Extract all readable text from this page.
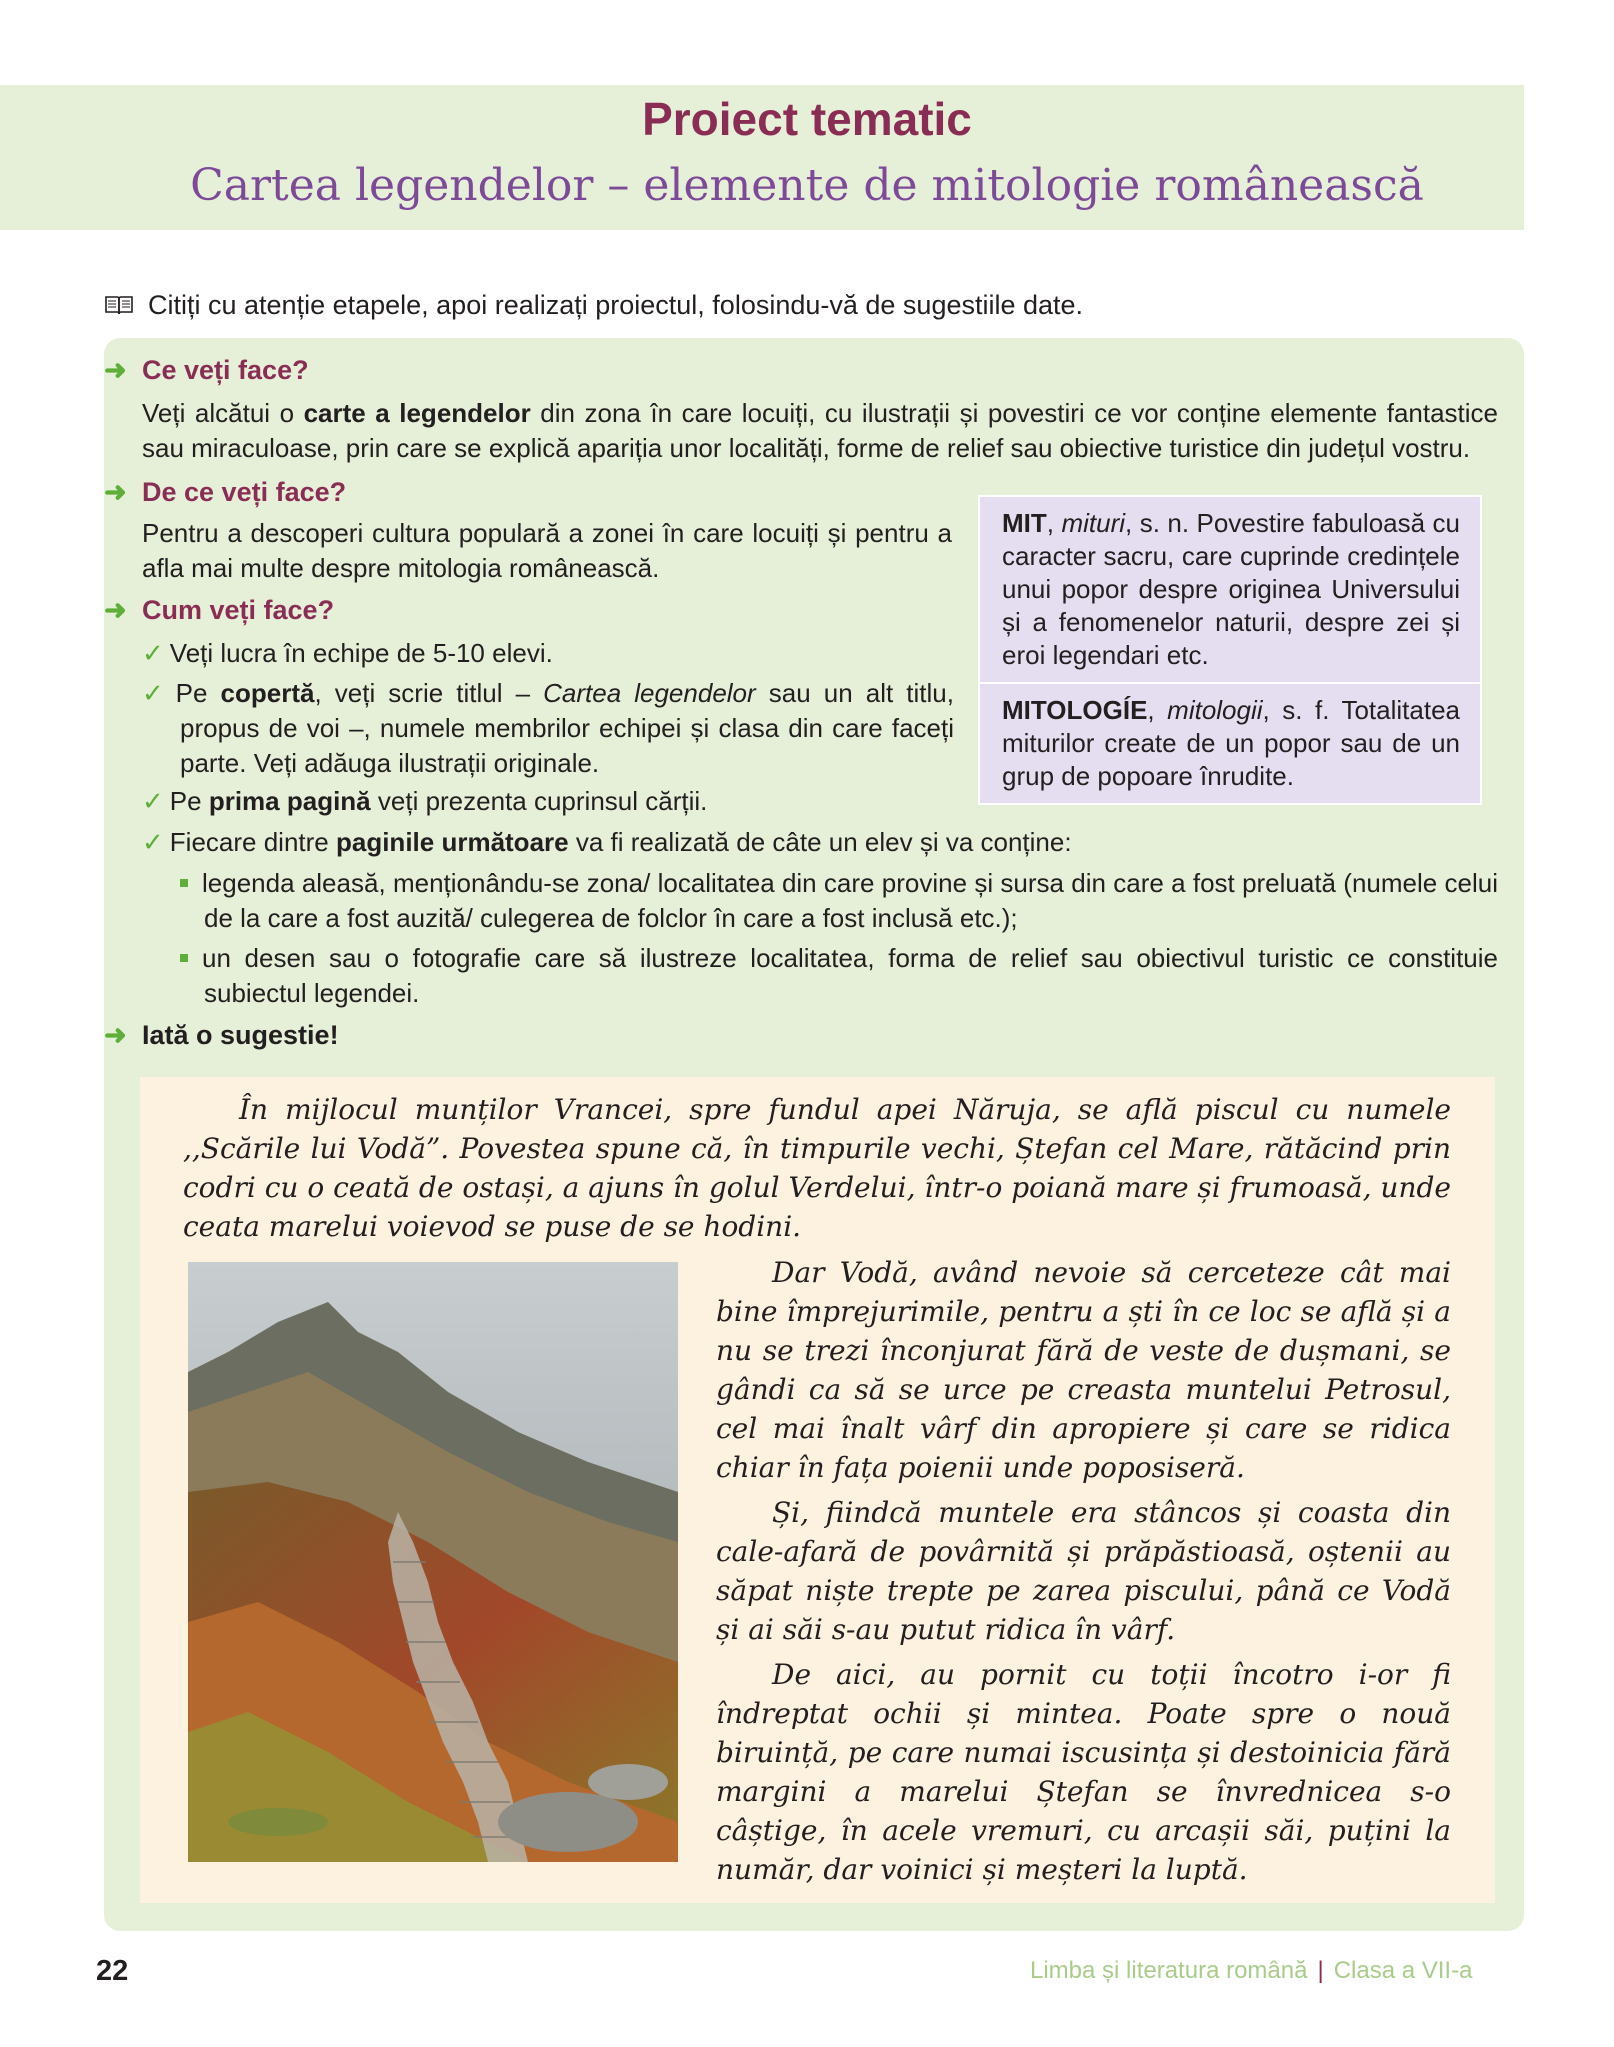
Proiect tematic
Cartea legendelor – elemente de mitologie românească
Citiți cu atenție etapele, apoi realizați proiectul, folosindu-vă de sugestiile date.
➜ Ce veți face?
Veți alcătui o carte a legendelor din zona în care locuiți, cu ilustrații și povestiri ce vor conține elemente fantastice sau miraculoase, prin care se explică apariția unor localități, forme de relief sau obiective turistice din județul vostru.
➜ De ce veți face?
Pentru a descoperi cultura populară a zonei în care locuiți și pentru a afla mai multe despre mitologia românească.
➜ Cum veți face?
✓ Veți lucra în echipe de 5-10 elevi.
✓ Pe copertă, veți scrie titlul – Cartea legendelor sau un alt titlu, propus de voi –, numele membrilor echipei și clasa din care faceți parte. Veți adăuga ilustrații originale.
✓ Pe prima pagină veți prezenta cuprinsul cărții.
✓ Fiecare dintre paginile următoare va fi realizată de câte un elev și va conține:
legenda aleasă, menționându-se zona/ localitatea din care provine și sursa din care a fost preluată (numele celui de la care a fost auzită/ culegerea de folclor în care a fost inclusă etc.);
un desen sau o fotografie care să ilustreze localitatea, forma de relief sau obiectivul turistic ce constituie subiectul legendei.
➜ Iată o sugestie!
MIT, mituri, s. n. Povestire fabuloasă cu caracter sacru, care cuprinde credințele unui popor despre originea Universului și a fenomenelor naturii, despre zei și eroi legendari etc.
MITOLOGÍE, mitologii, s. f. Totalitatea miturilor create de un popor sau de un grup de popoare înrudite.
În mijlocul munților Vrancei, spre fundul apei Năruja, se află piscul cu numele ,,Scările lui Vodă”. Povestea spune că, în timpurile vechi, Ștefan cel Mare, rătăcind prin codri cu o ceată de ostași, a ajuns în golul Verdelui, într-o poiană mare și frumoasă, unde ceata marelui voievod se puse de se hodini.
Dar Vodă, având nevoie să cerceteze cât mai bine împrejurimile, pentru a ști în ce loc se află și a nu se trezi înconjurat fără de veste de dușmani, se gândi ca să se urce pe creasta muntelui Petrosul, cel mai înalt vârf din apropiere și care se ridica chiar în fața poienii unde poposiseră.
Și, fiindcă muntele era stâncos și coasta din cale-afară de povârnită și prăpăstioasă, oștenii au săpat niște trepte pe zarea piscului, până ce Vodă și ai săi s-au putut ridica în vârf.
De aici, au pornit cu toții încotro i-or fi îndreptat ochii și mintea. Poate spre o nouă biruință, pe care numai iscusința și destoinicia fără margini a marelui Ștefan se învrednicea s-o câștige, în acele vremuri, cu arcașii săi, puțini la număr, dar voinici și meșteri la luptă.
22	Limba și literatura română | Clasa a VII-a
